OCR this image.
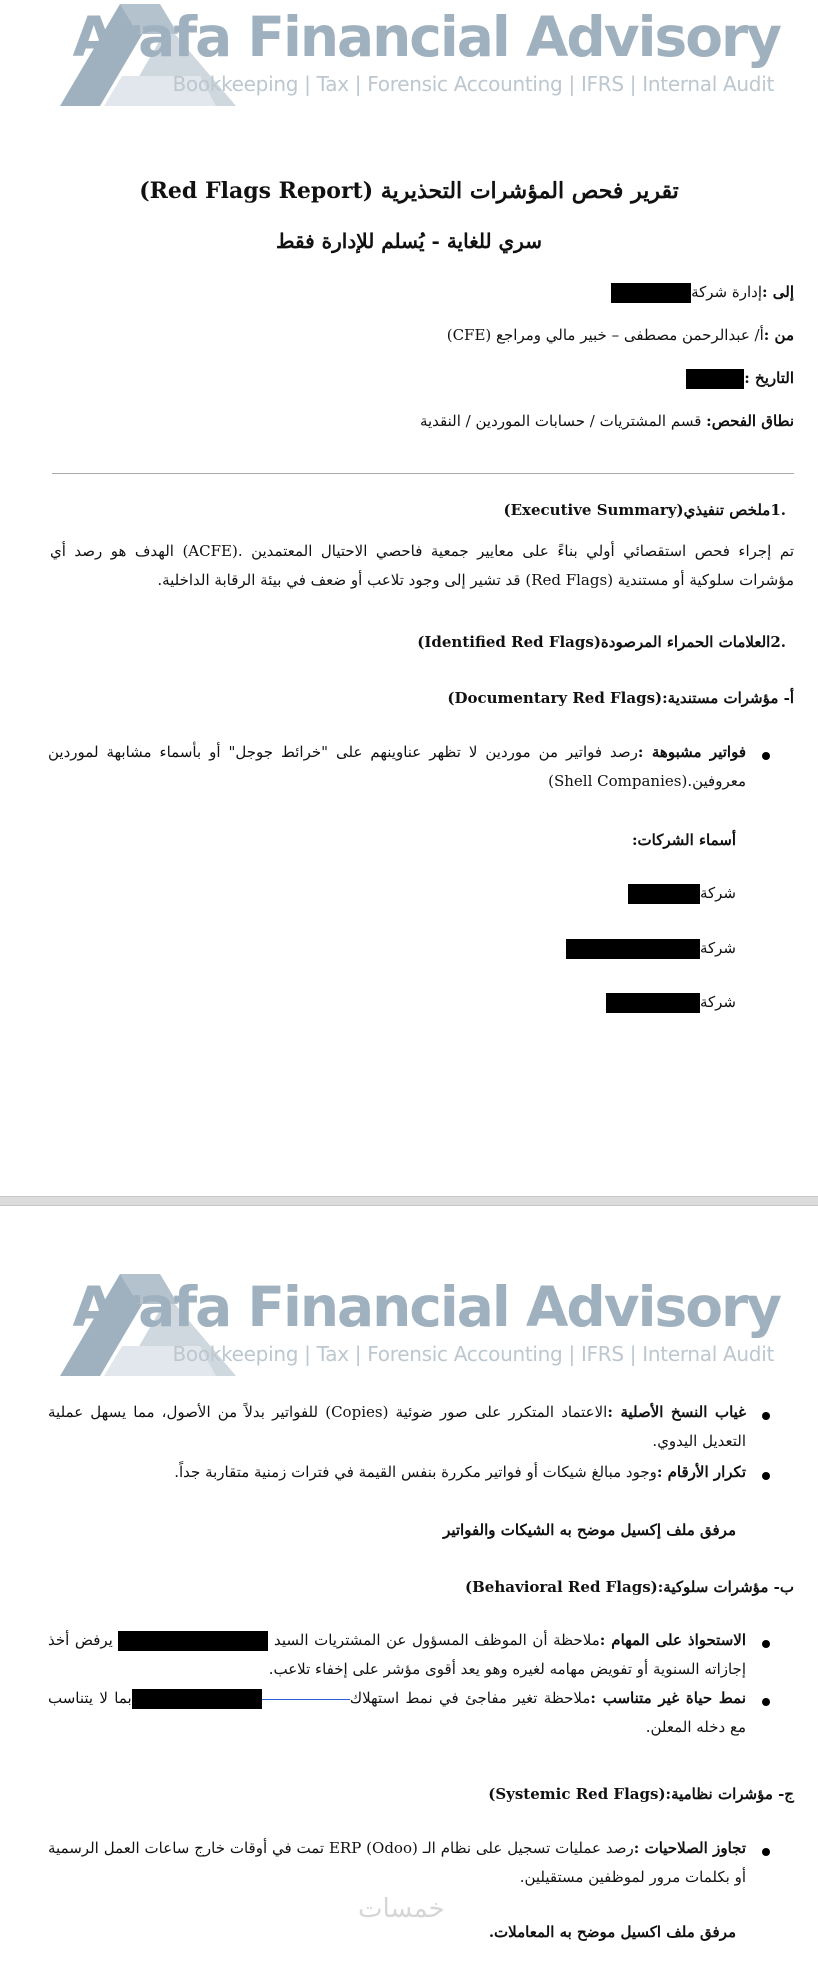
Arafa Financial Advisory
Bookkeeping | Tax | Forensic Accounting | IFRS | Internal Audit
تقرير فحص المؤشرات التحذيرية (Red Flags Report)
سري للغاية - يُسلم للإدارة فقط
إلى :إدارة شركة
من :أ/ عبدالرحمن مصطفى – خبير مالي ومراجع (CFE)
التاريخ :
نطاق الفحص: قسم المشتريات / حسابات الموردين / النقدية
.1ملخص تنفيذي(Executive Summary)
تم إجراء فحص استقصائي أولي بناءً على معايير جمعية فاحصي الاحتيال المعتمدين .(ACFE) الهدف هو رصد أي مؤشرات سلوكية أو مستندية (Red Flags) قد تشير إلى وجود تلاعب أو ضعف في بيئة الرقابة الداخلية.
.2العلامات الحمراء المرصودة(Identified Red Flags)
أ- مؤشرات مستندية:(Documentary Red Flags)
فواتير مشبوهة :رصد فواتير من موردين لا تظهر عناوينهم على "خرائط جوجل" أو بأسماء مشابهة لموردين معروفين.(Shell Companies)
أسماء الشركات:
شركة
شركة
شركة
Arafa Financial Advisory
Bookkeeping | Tax | Forensic Accounting | IFRS | Internal Audit
غياب النسخ الأصلية :الاعتماد المتكرر على صور ضوئية (Copies) للفواتير بدلاً من الأصول، مما يسهل عملية التعديل اليدوي.
تكرار الأرقام :وجود مبالغ شيكات أو فواتير مكررة بنفس القيمة في فترات زمنية متقاربة جداً.
مرفق ملف إكسيل موضح به الشيكات والفواتير
ب- مؤشرات سلوكية:(Behavioral Red Flags)
الاستحواذ على المهام :ملاحظة أن الموظف المسؤول عن المشتريات السيد  يرفض أخذ إجازاته السنوية أو تفويض مهامه لغيره وهو يعد أقوى مؤشر على إخفاء تلاعب.
نمط حياة غير متناسب :ملاحظة تغير مفاجئ في نمط استهلاكبما لا يتناسب مع دخله المعلن.
ج- مؤشرات نظامية:(Systemic Red Flags)
تجاوز الصلاحيات :رصد عمليات تسجيل على نظام الـ ERP (Odoo) تمت في أوقات خارج ساعات العمل الرسمية أو بكلمات مرور لموظفين مستقيلين.
خمسات
مرفق ملف اكسيل موضح به المعاملات.
